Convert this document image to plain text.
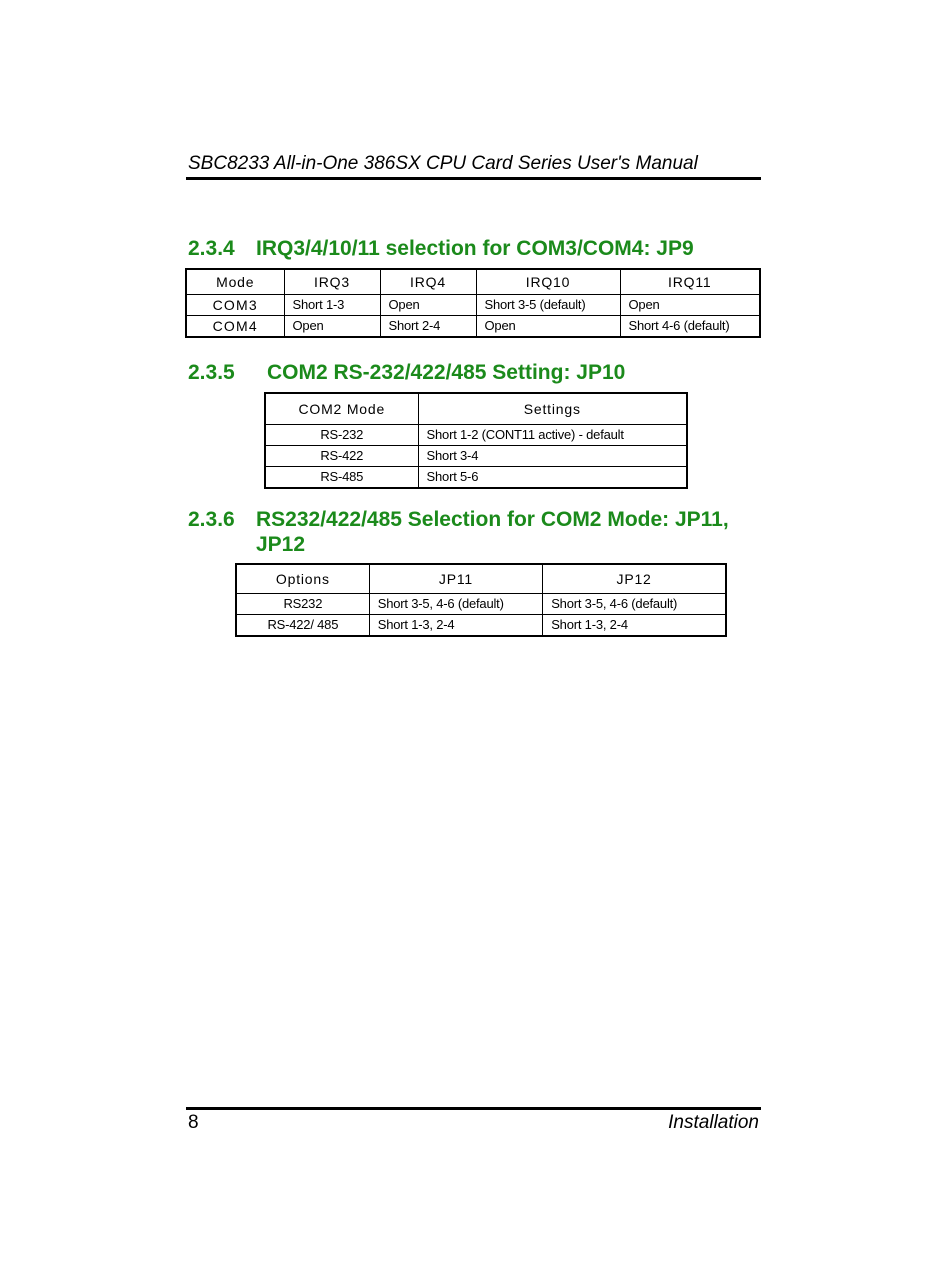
SBC8233 All-in-One 386SX CPU Card Series User's Manual
2.3.4 IRQ3/4/10/11 selection for COM3/COM4: JP9
Mode	IRQ3	IRQ4	IRQ10	IRQ11
COM3	Short 1-3	Open	Short 3-5 (default)	Open
COM4	Open	Short 2-4	Open	Short 4-6 (default)
2.3.5 COM2 RS-232/422/485 Setting: JP10
COM2 Mode	Settings
RS-232	Short 1-2 (CONT11 active) - default
RS-422	Short 3-4
RS-485	Short 5-6
2.3.6 RS232/422/485 Selection for COM2 Mode: JP11,
JP12
Options	JP11	JP12
RS232	Short 3-5, 4-6 (default)	Short 3-5, 4-6 (default)
RS-422/ 485	Short 1-3, 2-4	Short 1-3, 2-4
8	Installation
